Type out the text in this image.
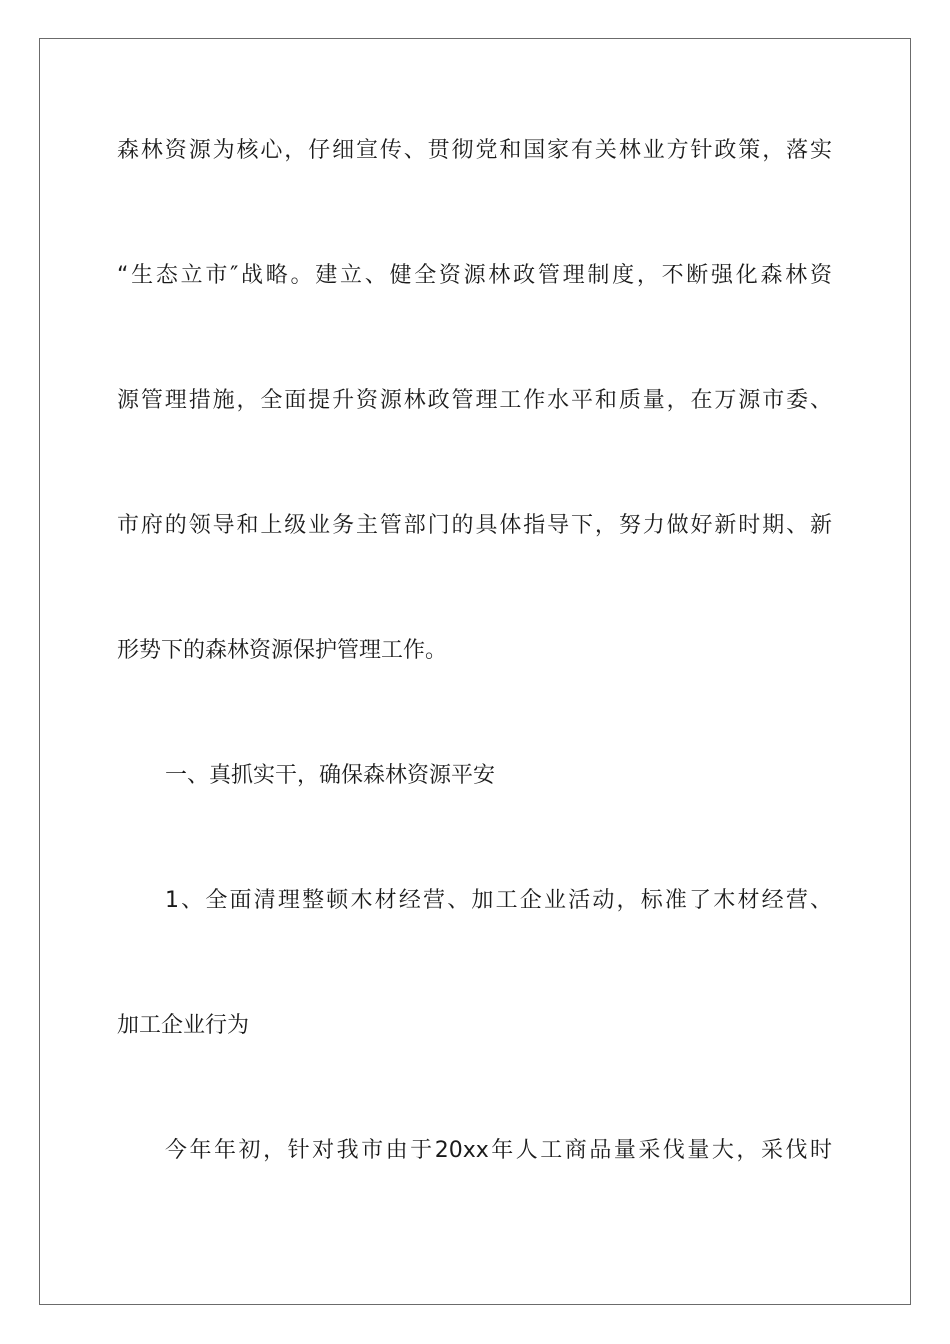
森林资源为核心，仔细宣传、贯彻党和国家有关林业方针政策，落实
“生态立市″战略。建立、健全资源林政管理制度，不断强化森林资
源管理措施，全面提升资源林政管理工作水平和质量，在万源市委、
市府的领导和上级业务主管部门的具体指导下，努力做好新时期、新
形势下的森林资源保护管理工作。
一、真抓实干，确保森林资源平安
1、全面清理整顿木材经营、加工企业活动，标准了木材经营、
加工企业行为
今年年初，针对我市由于20xx年人工商品量采伐量大，采伐时
